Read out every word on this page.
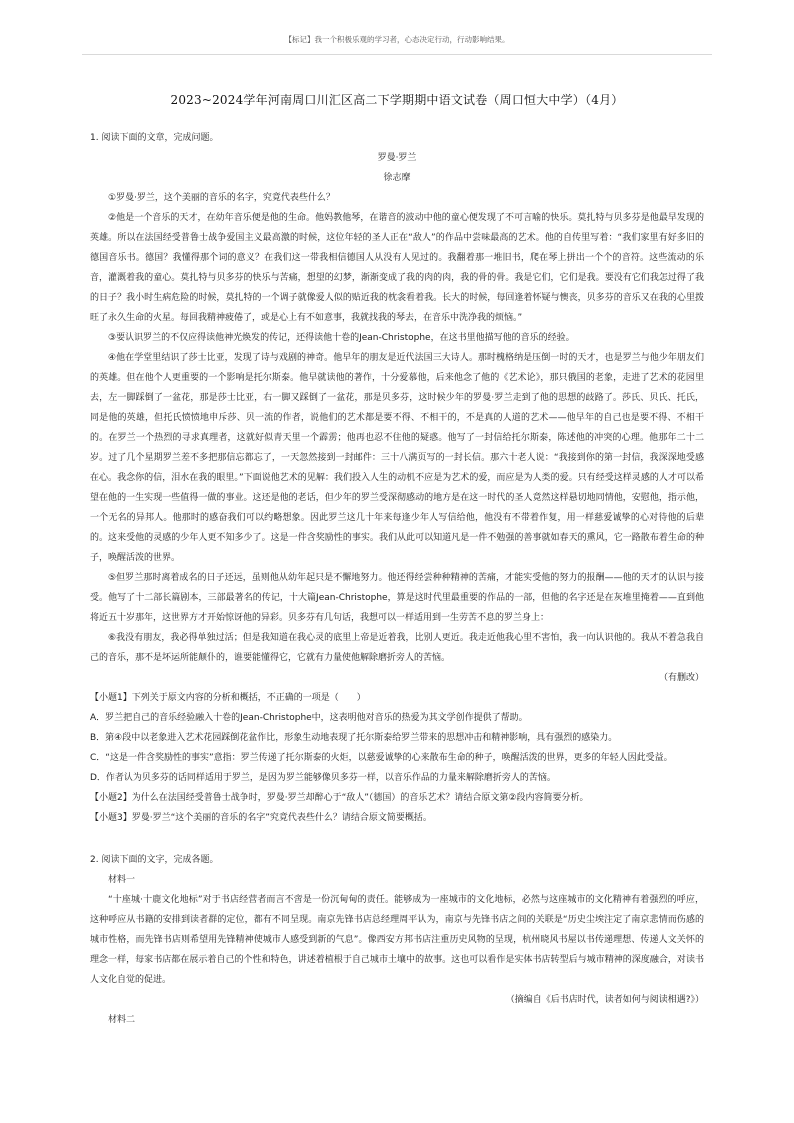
【标记】我一个积极乐观的学习者，心态决定行动，行动影响结果。
2023~2024学年河南周口川汇区高二下学期期中语文试卷（周口恒大中学）（4月）

1. 阅读下面的文章，完成问题。

罗曼·罗兰

徐志摩

①罗曼·罗兰，这个美丽的音乐的名字，究竟代表些什么？

②他是一个音乐的天才，在幼年音乐便是他的生命。他妈教他琴，在谐音的波动中他的童心便发现了不可言喻的快乐。莫扎特与贝多芬是他最早发现的英雄。所以在法国经受普鲁士战争爱国主义最高激的时候，这位年轻的圣人正在“敌人”的作品中尝味最高的艺术。他的自传里写着：“我们家里有好多旧的德国音乐书。德国？我懂得那个词的意义？在我们这一带我相信德国人从没有人见过的。我翻着那一堆旧书，爬在琴上拼出一个个的音符。这些流动的乐音，灌溉着我的童心。莫扎特与贝多芬的快乐与苦痛，想望的幻梦，渐渐变成了我的肉的肉，我的骨的骨。我是它们，它们是我。要没有它们我怎过得了我的日子？我小时生病危险的时候，莫扎特的一个调子就像爱人似的贴近我的枕衾看着我。长大的时候，每回逢着怀疑与懊丧，贝多芬的音乐又在我的心里拨旺了永久生命的火星。每回我精神疲倦了，或是心上有不如意事，我就找我的琴去，在音乐中洗净我的烦恼。”

③要认识罗兰的不仅应得读他神光焕发的传记，还得读他十卷的Jean-Christophe，在这书里他描写他的音乐的经验。

④他在学堂里结识了莎士比亚，发现了诗与戏剧的神奇。他早年的朋友是近代法国三大诗人。那时槐格纳是压倒一时的天才，也是罗兰与他少年朋友们的英雄。但在他个人更重要的一个影响是托尔斯泰。他早就读他的著作，十分爱慕他，后来他念了他的《艺术论》，那只俄国的老象，走进了艺术的花园里去，左一脚踩倒了一盆花，那是莎士比亚，右一脚又踩倒了一盆花，那是贝多芬，这时候少年的罗曼·罗兰走到了他的思想的歧路了。莎氏、贝氏、托氏，同是他的英雄，但托氏愤愤地申斥莎、贝一流的作者，说他们的艺术都是要不得、不相干的，不是真的人道的艺术——他早年的自己也是要不得、不相干的。在罗兰一个热烈的寻求真理者，这就好似青天里一个霹雳；他再也忍不住他的疑惑。他写了一封信给托尔斯泰，陈述他的冲突的心理。他那年二十二岁。过了几个星期罗兰差不多把那信忘都忘了，一天忽然接到一封邮件：三十八满页写的一封长信。那六十老人说：“我接到你的第一封信，我深深地受感在心。我念你的信，泪水在我的眼里。”下面说他艺术的见解：我们投入人生的动机不应是为艺术的爱，而应是为人类的爱。只有经受这样灵感的人才可以希望在他的一生实现一些值得一做的事业。这还是他的老话，但少年的罗兰受深彻感动的地方是在这一时代的圣人竟然这样悬切地同情他，安慰他，指示他，一个无名的异邦人。他那时的感奋我们可以约略想象。因此罗兰这几十年来每逢少年人写信给他，他没有不带着作复，用一样慈爱诚挚的心对待他的后辈的。这来受他的灵感的少年人更不知多少了。这是一件含奖励性的事实。我们从此可以知道凡是一件不勉强的善事就如春天的熏风，它一路散布着生命的种子，唤醒活泼的世界。

⑤但罗兰那时离着成名的日子还远，虽则他从幼年起只是不懈地努力。他还得经尝种种精神的苦痛，才能实受他的努力的报酬——他的天才的认识与接受。他写了十二部长篇剧本，三部最著名的传记，十大篇Jean-Christophe，算是这时代里最重要的作品的一部，但他的名字还是在灰堆里掩着——直到他将近五十岁那年，这世界方才开始惊讶他的异彩。贝多芬有几句话，我想可以一样适用到一生劳苦不息的罗兰身上：

⑥我没有朋友，我必得单独过活；但是我知道在我心灵的底里上帝是近着我，比别人更近。我走近他我心里不害怕，我一向认识他的。我从不着急我自己的音乐，那不是坏运所能颠仆的，谁要能懂得它，它就有力量使他解除磨折旁人的苦恼。

（有删改）

【小题1】下列关于原文内容的分析和概括，不正确的一项是（　　）

A．罗兰把自己的音乐经验融入十卷的Jean-Christophe中，这表明他对音乐的热爱为其文学创作提供了帮助。

B．第④段中以老象进入艺术花园踩倒花盆作比，形象生动地表现了托尔斯泰给罗兰带来的思想冲击和精神影响，具有强烈的感染力。

C．“这是一件含奖励性的事实”意指：罗兰传递了托尔斯泰的火炬，以慈爱诚挚的心来散布生命的种子，唤醒活泼的世界，更多的年轻人因此受益。

D．作者认为贝多芬的话同样适用于罗兰，是因为罗兰能够像贝多芬一样，以音乐作品的力量来解除磨折旁人的苦恼。

【小题2】为什么在法国经受普鲁士战争时，罗曼·罗兰却醉心于“敌人”（德国）的音乐艺术？请结合原文第②段内容简要分析。

【小题3】罗曼·罗兰“这个美丽的音乐的名字”究竟代表些什么？请结合原文简要概括。

2. 阅读下面的文字，完成各题。

材料一

“十座城·十鹿文化地标”对于书店经营者而言不啻是一份沉甸甸的责任。能够成为一座城市的文化地标，必然与这座城市的文化精神有着强烈的呼应，这种呼应从书籍的安排到读者群的定位，都有不同呈现。南京先锋书店总经理周平认为，南京与先锋书店之间的关联是“历史尘埃注定了南京悲情而伤感的城市性格，而先锋书店则希望用先锋精神使城市人感受到新的气息”。像西安方邦书店注重历史风物的呈现，杭州晓风书屋以书传递理想、传递人文关怀的理念一样，每家书店都在展示着自己的个性和特色，讲述着植根于自己城市土壤中的故事。这也可以看作是实体书店转型后与城市精神的深度融合，对读书人文化自觉的促进。

（摘编自《后书店时代，读者如何与阅读相遇?》）

材料二
